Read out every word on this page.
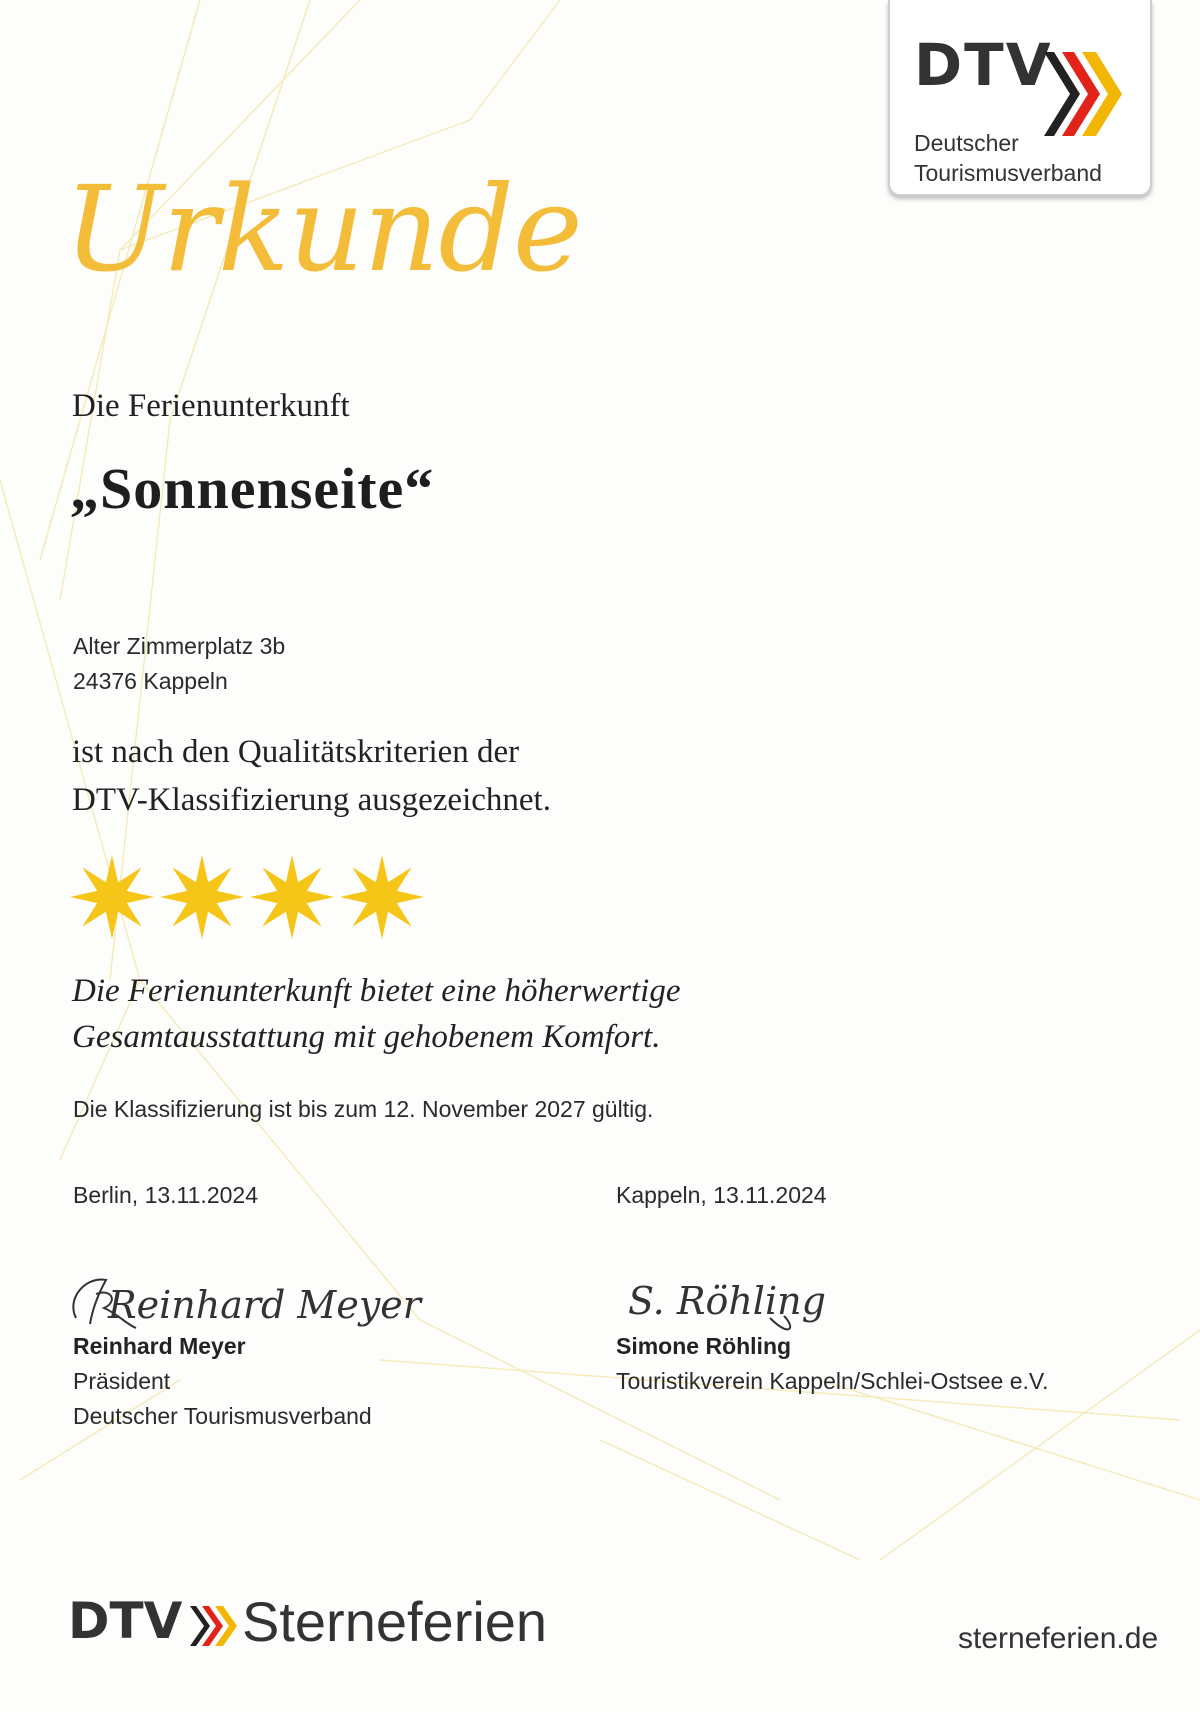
DTV
Deutscher
Tourismusverband
Urkunde
Die Ferienunterkunft
„Sonnenseite“
Alter Zimmerplatz 3b
24376 Kappeln
ist nach den Qualitätskriterien der
DTV-Klassifizierung ausgezeichnet.
Die Ferienunterkunft bietet eine höherwertige
Gesamtausstattung mit gehobenem Komfort.
Die Klassifizierung ist bis zum 12. November 2027 gültig.
Berlin, 13.11.2024
Reinhard Meyer
Reinhard Meyer
Präsident
Deutscher Tourismusverband
Kappeln, 13.11.2024
S. Röhling
Simone Röhling
Touristikverein Kappeln/Schlei-Ostsee e.V.
DTV Sterneferien	sterneferien.de
